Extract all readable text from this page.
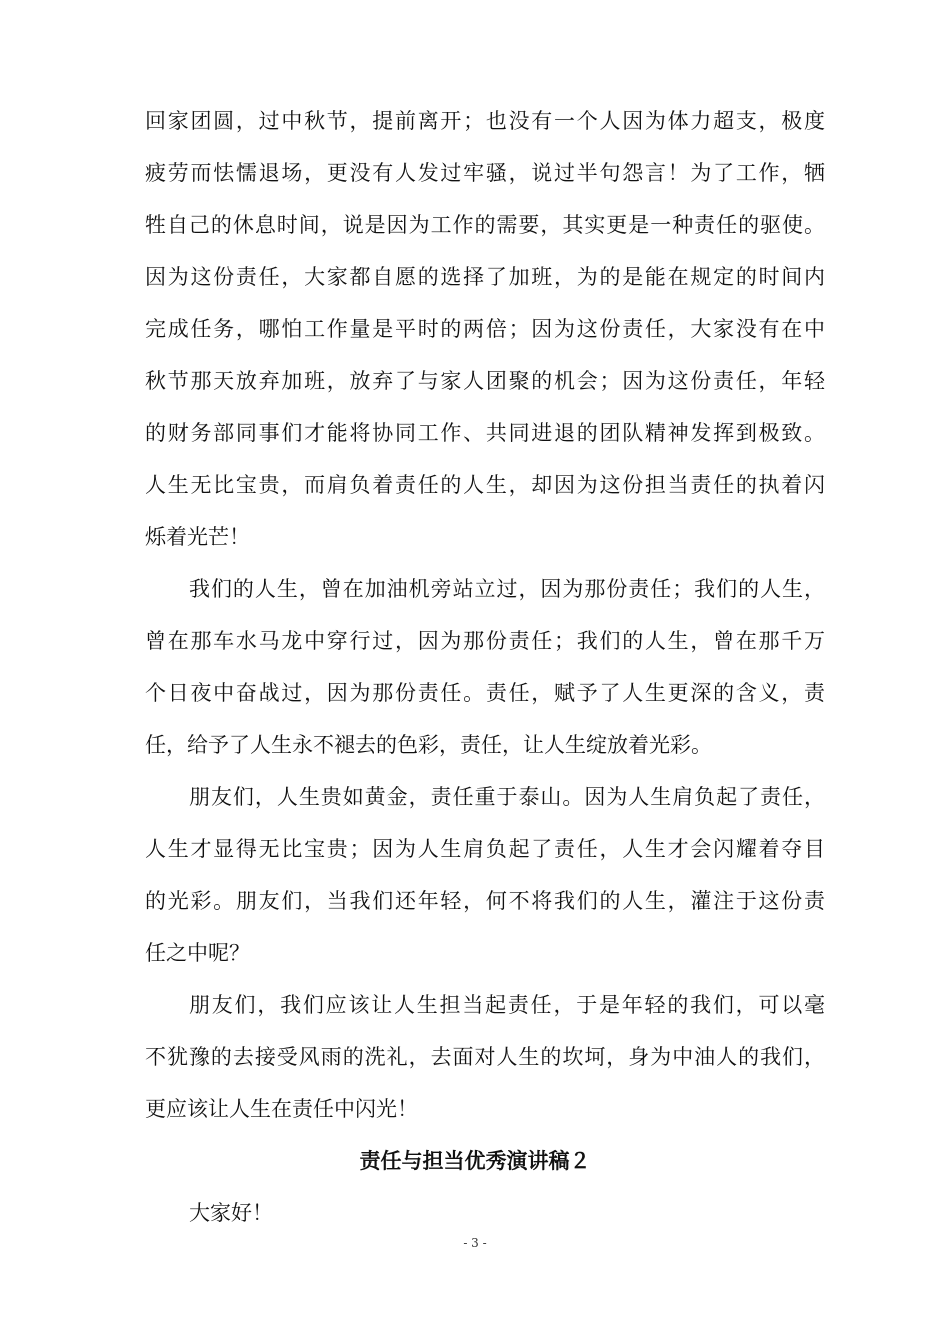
回家团圆，过中秋节，提前离开；也没有一个人因为体力超支，极度
疲劳而怯懦退场，更没有人发过牢骚，说过半句怨言！为了工作，牺
牲自己的休息时间，说是因为工作的需要，其实更是一种责任的驱使。
因为这份责任，大家都自愿的选择了加班，为的是能在规定的时间内
完成任务，哪怕工作量是平时的两倍；因为这份责任，大家没有在中
秋节那天放弃加班，放弃了与家人团聚的机会；因为这份责任，年轻
的财务部同事们才能将协同工作、共同进退的团队精神发挥到极致。
人生无比宝贵，而肩负着责任的人生，却因为这份担当责任的执着闪
烁着光芒！
我们的人生，曾在加油机旁站立过，因为那份责任；我们的人生，
曾在那车水马龙中穿行过，因为那份责任；我们的人生，曾在那千万
个日夜中奋战过，因为那份责任。责任，赋予了人生更深的含义，责
任，给予了人生永不褪去的色彩，责任，让人生绽放着光彩。
朋友们，人生贵如黄金，责任重于泰山。因为人生肩负起了责任，
人生才显得无比宝贵；因为人生肩负起了责任，人生才会闪耀着夺目
的光彩。朋友们，当我们还年轻，何不将我们的人生，灌注于这份责
任之中呢？
朋友们，我们应该让人生担当起责任，于是年轻的我们，可以毫
不犹豫的去接受风雨的洗礼，去面对人生的坎坷，身为中油人的我们，
更应该让人生在责任中闪光！
责任与担当优秀演讲稿２
大家好！
- 3 -
